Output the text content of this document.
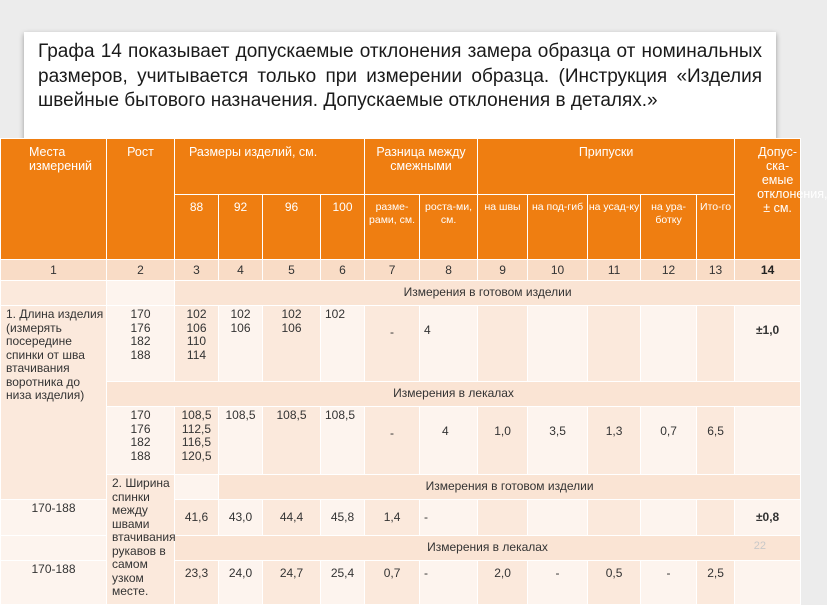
Графа 14 показывает допускаемые отклонения замера образца от номинальных размеров, учитывается только при измерении образца. (Инструкция «Изделия швейные бытового назначения. Допускаемые отклонения в деталях.»
Места измерений	Рост	Размеры изделий, см.				Разница между смежными		Припуски					Допус-ска-емые отклонения, ± см.
		88	92	96	100	разме-рами, см.	роста-ми, см.	на швы	на под-гиб	на усад-ку	на ура-ботку	Ито-го	
1	2	3	4	5	6	7	8	9	10	11	12	13	14
		Измерения в готовом изделии											
1. Длина изделия (измерять посередине спинки от шва втачивания воротника до низа изделия)	170
176
182
188	102
106
110
114	102
106	102
106	102	-	4						±1,0
	Измерения в лекалах												
	170
176
182
188	108,5
112,5
116,5
120,5	108,5	108,5	108,5	-	4	1,0	3,5	1,3	0,7	6,5	
	2. Ширина спинки между швами втачивания рукавов в самом узком месте.		Измерения в готовом изделии										
170-188		41,6	43,0	44,4	45,8	1,4	-						±0,8
		Измерения в лекалах											
170-188		23,3	24,0	24,7	25,4	0,7	-	2,0	-	0,5	-	2,5	
22
